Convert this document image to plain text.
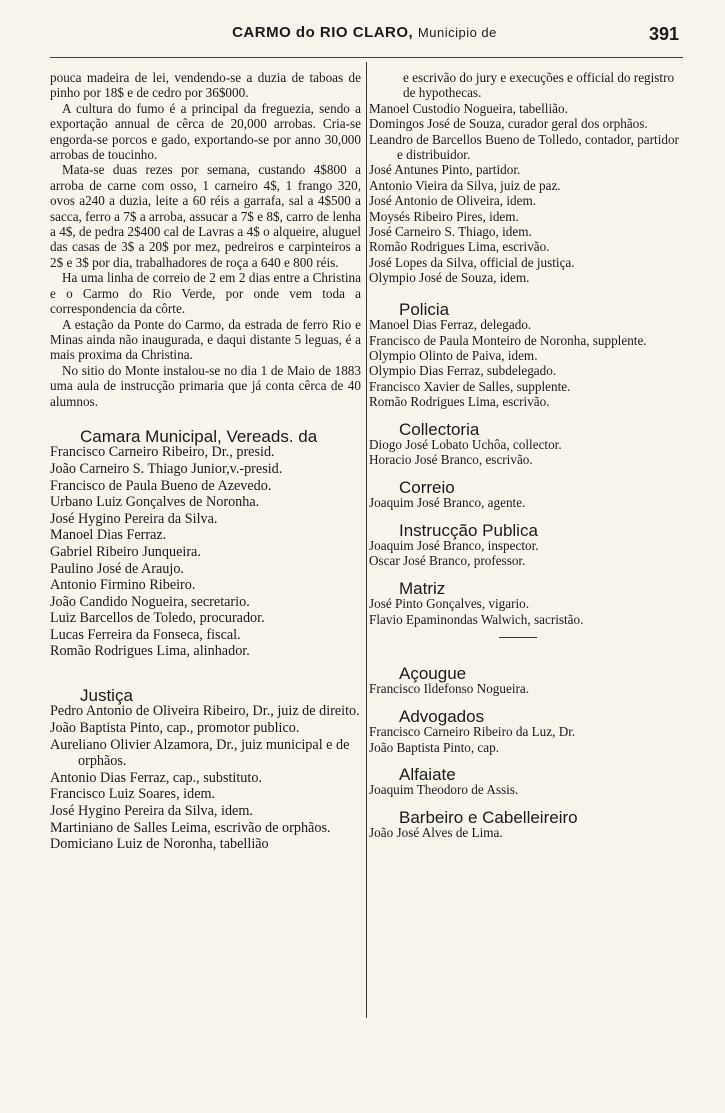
CARMO do RIO CLARO, Municipio de	391

pouca madeira de lei, vendendo-se a duzia de taboas de pinho por 18$ e de cedro por 36$000.

A cultura do fumo é a principal da freguezia, sendo a exportação annual de cêrca de 20,000 arrobas. Cria-se engorda-se porcos e gado, exportando-se por anno 30,000 arrobas de toucinho.

Mata-se duas rezes por semana, custando 4$800 a arroba de carne com osso, 1 carneiro 4$, 1 frango 320, ovos a240 a duzia, leite a 60 réis a garrafa, sal a 4$500 a sacca, ferro a 7$ a arroba, assucar a 7$ e 8$, carro de lenha a 4$, de pedra 2$400 cal de Lavras a 4$ o alqueire, aluguel das casas de 3$ a 20$ por mez, pedreiros e carpinteiros a 2$ e 3$ por dia, trabalhadores de roça a 640 e 800 réis.

Ha uma linha de correio de 2 em 2 dias entre a Christina e o Carmo do Rio Verde, por onde vem toda a correspondencia da côrte.

A estação da Ponte do Carmo, da estrada de ferro Rio e Minas ainda não inaugurada, e daqui distante 5 leguas, é a mais proxima da Christina.

No sitio do Monte instalou-se no dia 1 de Maio de 1883 uma aula de instrucção primaria que já conta cêrca de 40 alumnos.

Camara Municipal, Vereads. da

Francisco Carneiro Ribeiro, Dr., presid.

João Carneiro S. Thiago Junior,v.-presid.

Francisco de Paula Bueno de Azevedo.

Urbano Luiz Gonçalves de Noronha.

José Hygino Pereira da Silva.

Manoel Dias Ferraz.

Gabriel Ribeiro Junqueira.

Paulino José de Araujo.

Antonio Firmino Ribeiro.

João Candido Nogueira, secretario.

Luiz Barcellos de Toledo, procurador.

Lucas Ferreira da Fonseca, fiscal.

Romão Rodrigues Lima, alinhador.

Justiça

Pedro Antonio de Oliveira Ribeiro, Dr., juiz de direito.

João Baptista Pinto, cap., promotor publico.

Aureliano Olivier Alzamora, Dr., juiz municipal e de orphãos.

Antonio Dias Ferraz, cap., substituto.

Francisco Luiz Soares, idem.

José Hygino Pereira da Silva, idem.

Martiniano de Salles Leima, escrivão de orphãos.

Domiciano Luiz de Noronha, tabellião

e escrivão do jury e execuções e official do registro de hypothecas.

Manoel Custodio Nogueira, tabellião.

Domingos José de Souza, curador geral dos orphãos.

Leandro de Barcellos Bueno de Tolledo, contador, partidor e distribuidor.

José Antunes Pinto, partidor.

Antonio Vieira da Silva, juiz de paz.

José Antonio de Oliveira, idem.

Moysés Ribeiro Pires, idem.

José Carneiro S. Thiago, idem.

Romão Rodrigues Lima, escrivão.

José Lopes da Silva, official de justiça.

Olympio José de Souza, idem.

Policia

Manoel Dias Ferraz, delegado.

Francisco de Paula Monteiro de Noronha, supplente.

Olympio Olinto de Paiva, idem.

Olympio Dias Ferraz, subdelegado.

Francisco Xavier de Salles, supplente.

Romão Rodrigues Lima, escrivão.

Collectoria

Diogo José Lobato Uchôa, collector.

Horacio José Branco, escrivão.

Correio

Joaquim José Branco, agente.

Instrucção Publica

Joaquim José Branco, inspector.

Oscar José Branco, professor.

Matriz

José Pinto Gonçalves, vigario.

Flavio Epaminondas Walwich, sacristão.

Açougue

Francisco Ildefonso Nogueira.

Advogados

Francisco Carneiro Ribeiro da Luz, Dr.

João Baptista Pinto, cap.

Alfaiate

Joaquim Theodoro de Assis.

Barbeiro e Cabelleireiro

João José Alves de Lima.
